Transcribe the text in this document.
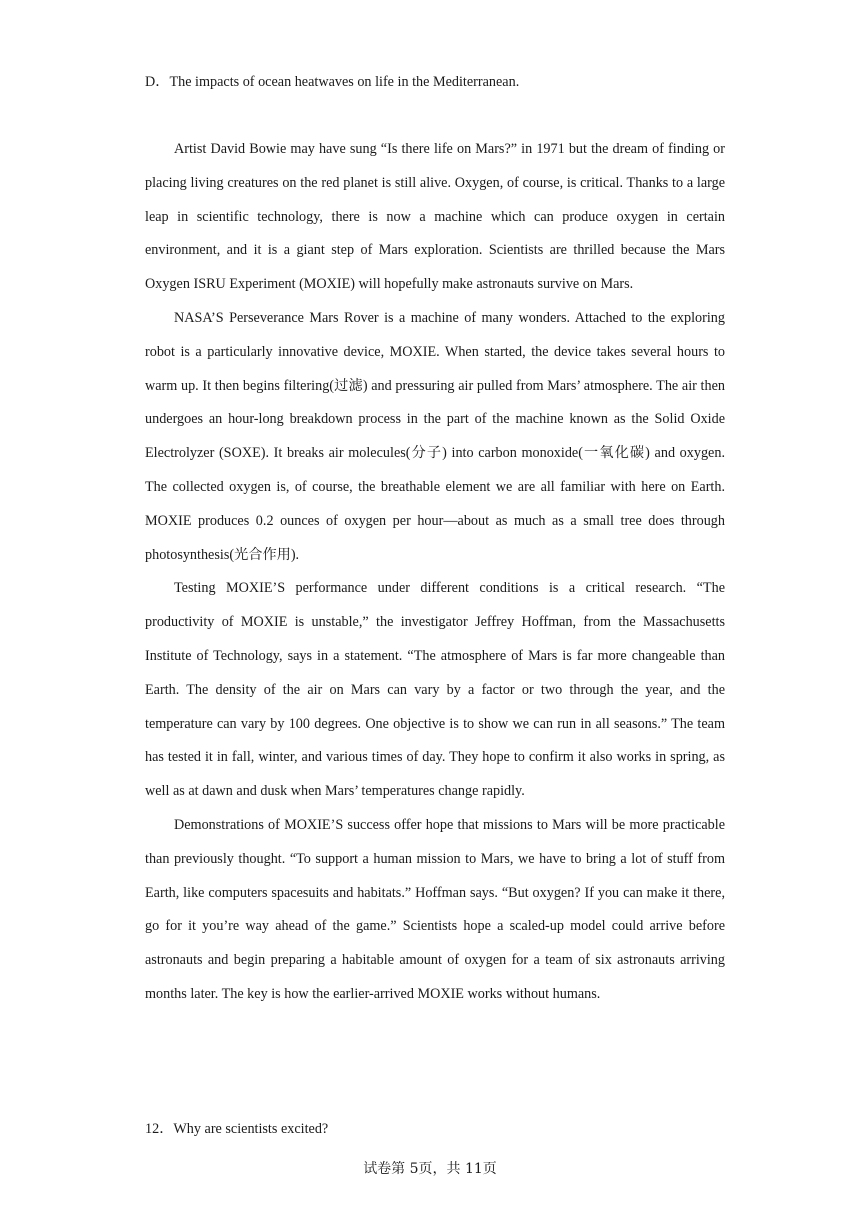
D．The impacts of ocean heatwaves on life in the Mediterranean.

Artist David Bowie may have sung “Is there life on Mars?” in 1971 but the dream of finding or placing living creatures on the red planet is still alive. Oxygen, of course, is critical. Thanks to a large leap in scientific technology, there is now a machine which can produce oxygen in certain environment, and it is a giant step of Mars exploration. Scientists are thrilled because the Mars Oxygen ISRU Experiment (MOXIE) will hopefully make astronauts survive on Mars.

NASA’S Perseverance Mars Rover is a machine of many wonders. Attached to the exploring robot is a particularly innovative device, MOXIE. When started, the device takes several hours to warm up. It then begins filtering(过滤) and pressuring air pulled from Mars’ atmosphere. The air then undergoes an hour-long breakdown process in the part of the machine known as the Solid Oxide Electrolyzer (SOXE). It breaks air molecules(分子) into carbon monoxide(一氧化碳) and oxygen. The collected oxygen is, of course, the breathable element we are all familiar with here on Earth. MOXIE produces 0.2 ounces of oxygen per hour—about as much as a small tree does through photosynthesis(光合作用).

Testing MOXIE’S performance under different conditions is a critical research. “The productivity of MOXIE is unstable,” the investigator Jeffrey Hoffman, from the Massachusetts Institute of Technology, says in a statement. “The atmosphere of Mars is far more changeable than Earth. The density of the air on Mars can vary by a factor or two through the year, and the temperature can vary by 100 degrees. One objective is to show we can run in all seasons.” The team has tested it in fall, winter, and various times of day. They hope to confirm it also works in spring, as well as at dawn and dusk when Mars’ temperatures change rapidly.

Demonstrations of MOXIE’S success offer hope that missions to Mars will be more practicable than previously thought. “To support a human mission to Mars, we have to bring a lot of stuff from Earth, like computers spacesuits and habitats.” Hoffman says. “But oxygen? If you can make it there, go for it you’re way ahead of the game.” Scientists hope a scaled-up model could arrive before astronauts and begin preparing a habitable amount of oxygen for a team of six astronauts arriving months later. The key is how the earlier-arrived MOXIE works without humans.

12．Why are scientists excited?
试卷第 5页，共 11页
